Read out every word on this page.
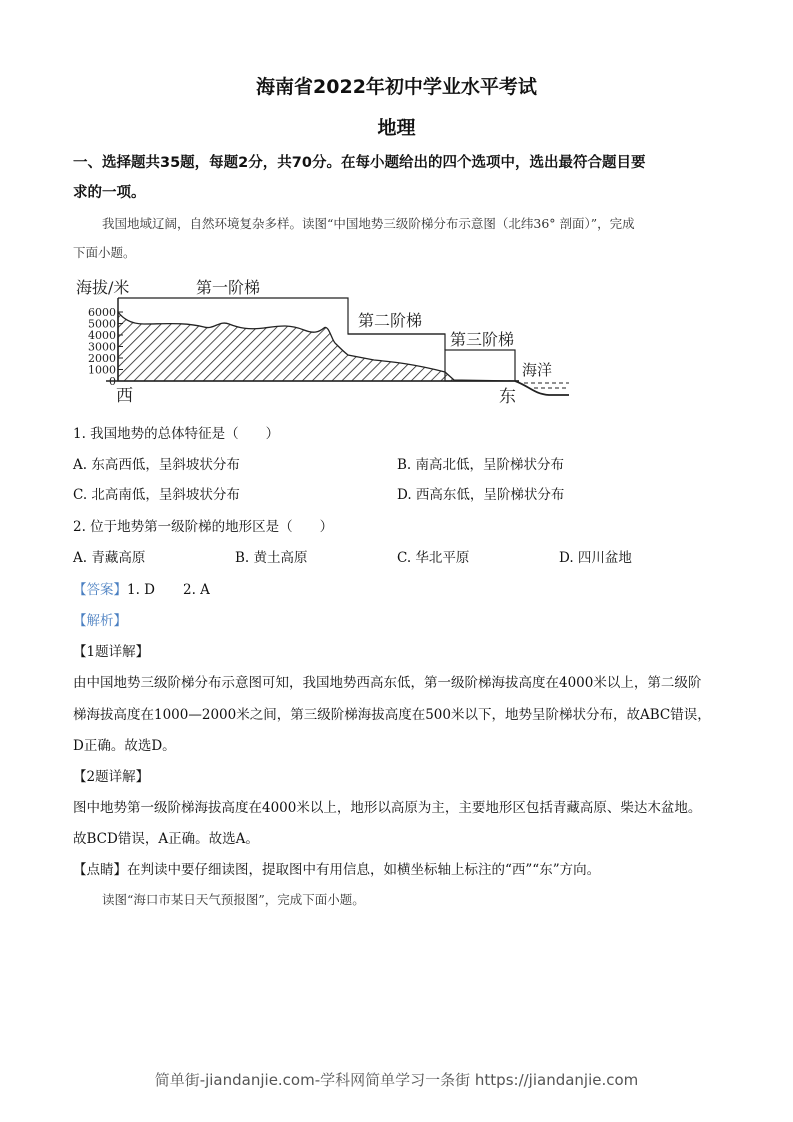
海南省2022年初中学业水平考试
地理
一、选择题共35题，每题2分，共70分。在每小题给出的四个选项中，选出最符合题目要
求的一项。
我国地域辽阔，自然环境复杂多样。读图“中国地势三级阶梯分布示意图（北纬36° 剖面）”，完成
下面小题。
海拔/米	第一阶梯
第二阶梯
第三阶梯
海洋
西	东
6000
5000
4000
3000
2000
1000
0
1. 我国地势的总体特征是（　　）
A. 东高西低，呈斜坡状分布	B. 南高北低，呈阶梯状分布
C. 北高南低，呈斜坡状分布	D. 西高东低，呈阶梯状分布
2. 位于地势第一级阶梯的地形区是（　　）
A. 青藏高原	B. 黄土高原	C. 华北平原	D. 四川盆地
【答案】1. D 2. A
【解析】
【1题详解】
由中国地势三级阶梯分布示意图可知，我国地势西高东低，第一级阶梯海拔高度在4000米以上，第二级阶
梯海拔高度在1000—2000米之间，第三级阶梯海拔高度在500米以下，地势呈阶梯状分布，故ABC错误，
D正确。故选D。
【2题详解】
图中地势第一级阶梯海拔高度在4000米以上，地形以高原为主，主要地形区包括青藏高原、柴达木盆地。
故BCD错误，A正确。故选A。
【点睛】在判读中要仔细读图，提取图中有用信息，如横坐标轴上标注的“西”“东”方向。
读图“海口市某日天气预报图”，完成下面小题。
简单街-jiandanjie.com-学科网简单学习一条街 https://jiandanjie.com
